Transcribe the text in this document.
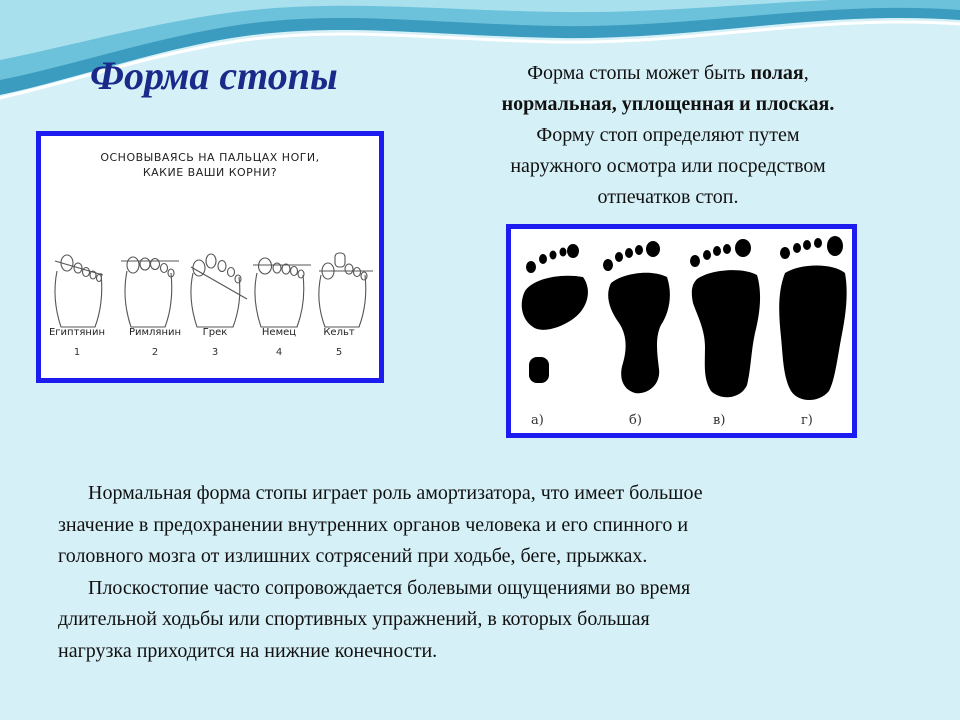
Форма стопы	Форма стопы может быть полая,
нормальная, уплощенная и плоская.
Форму стоп определяют путем
наружного осмотра или посредством
отпечатков стоп.
ОСНОВЫВАЯСЬ НА ПАЛЬЦАХ НОГИ,
КАКИЕ ВАШИ КОРНИ?
Египтянин	Римлянин	Грек	Немец	Кельт
1	2	3	4	5
а)	б)	в)	г)
Нормальная форма стопы играет роль амортизатора, что имеет большое
значение в предохранении внутренних органов человека и его спинного и
головного мозга от излишних сотрясений при ходьбе, беге, прыжках.
Плоскостопие часто сопровождается болевыми ощущениями во время
длительной ходьбы или спортивных упражнений, в которых большая
нагрузка приходится на нижние конечности.
